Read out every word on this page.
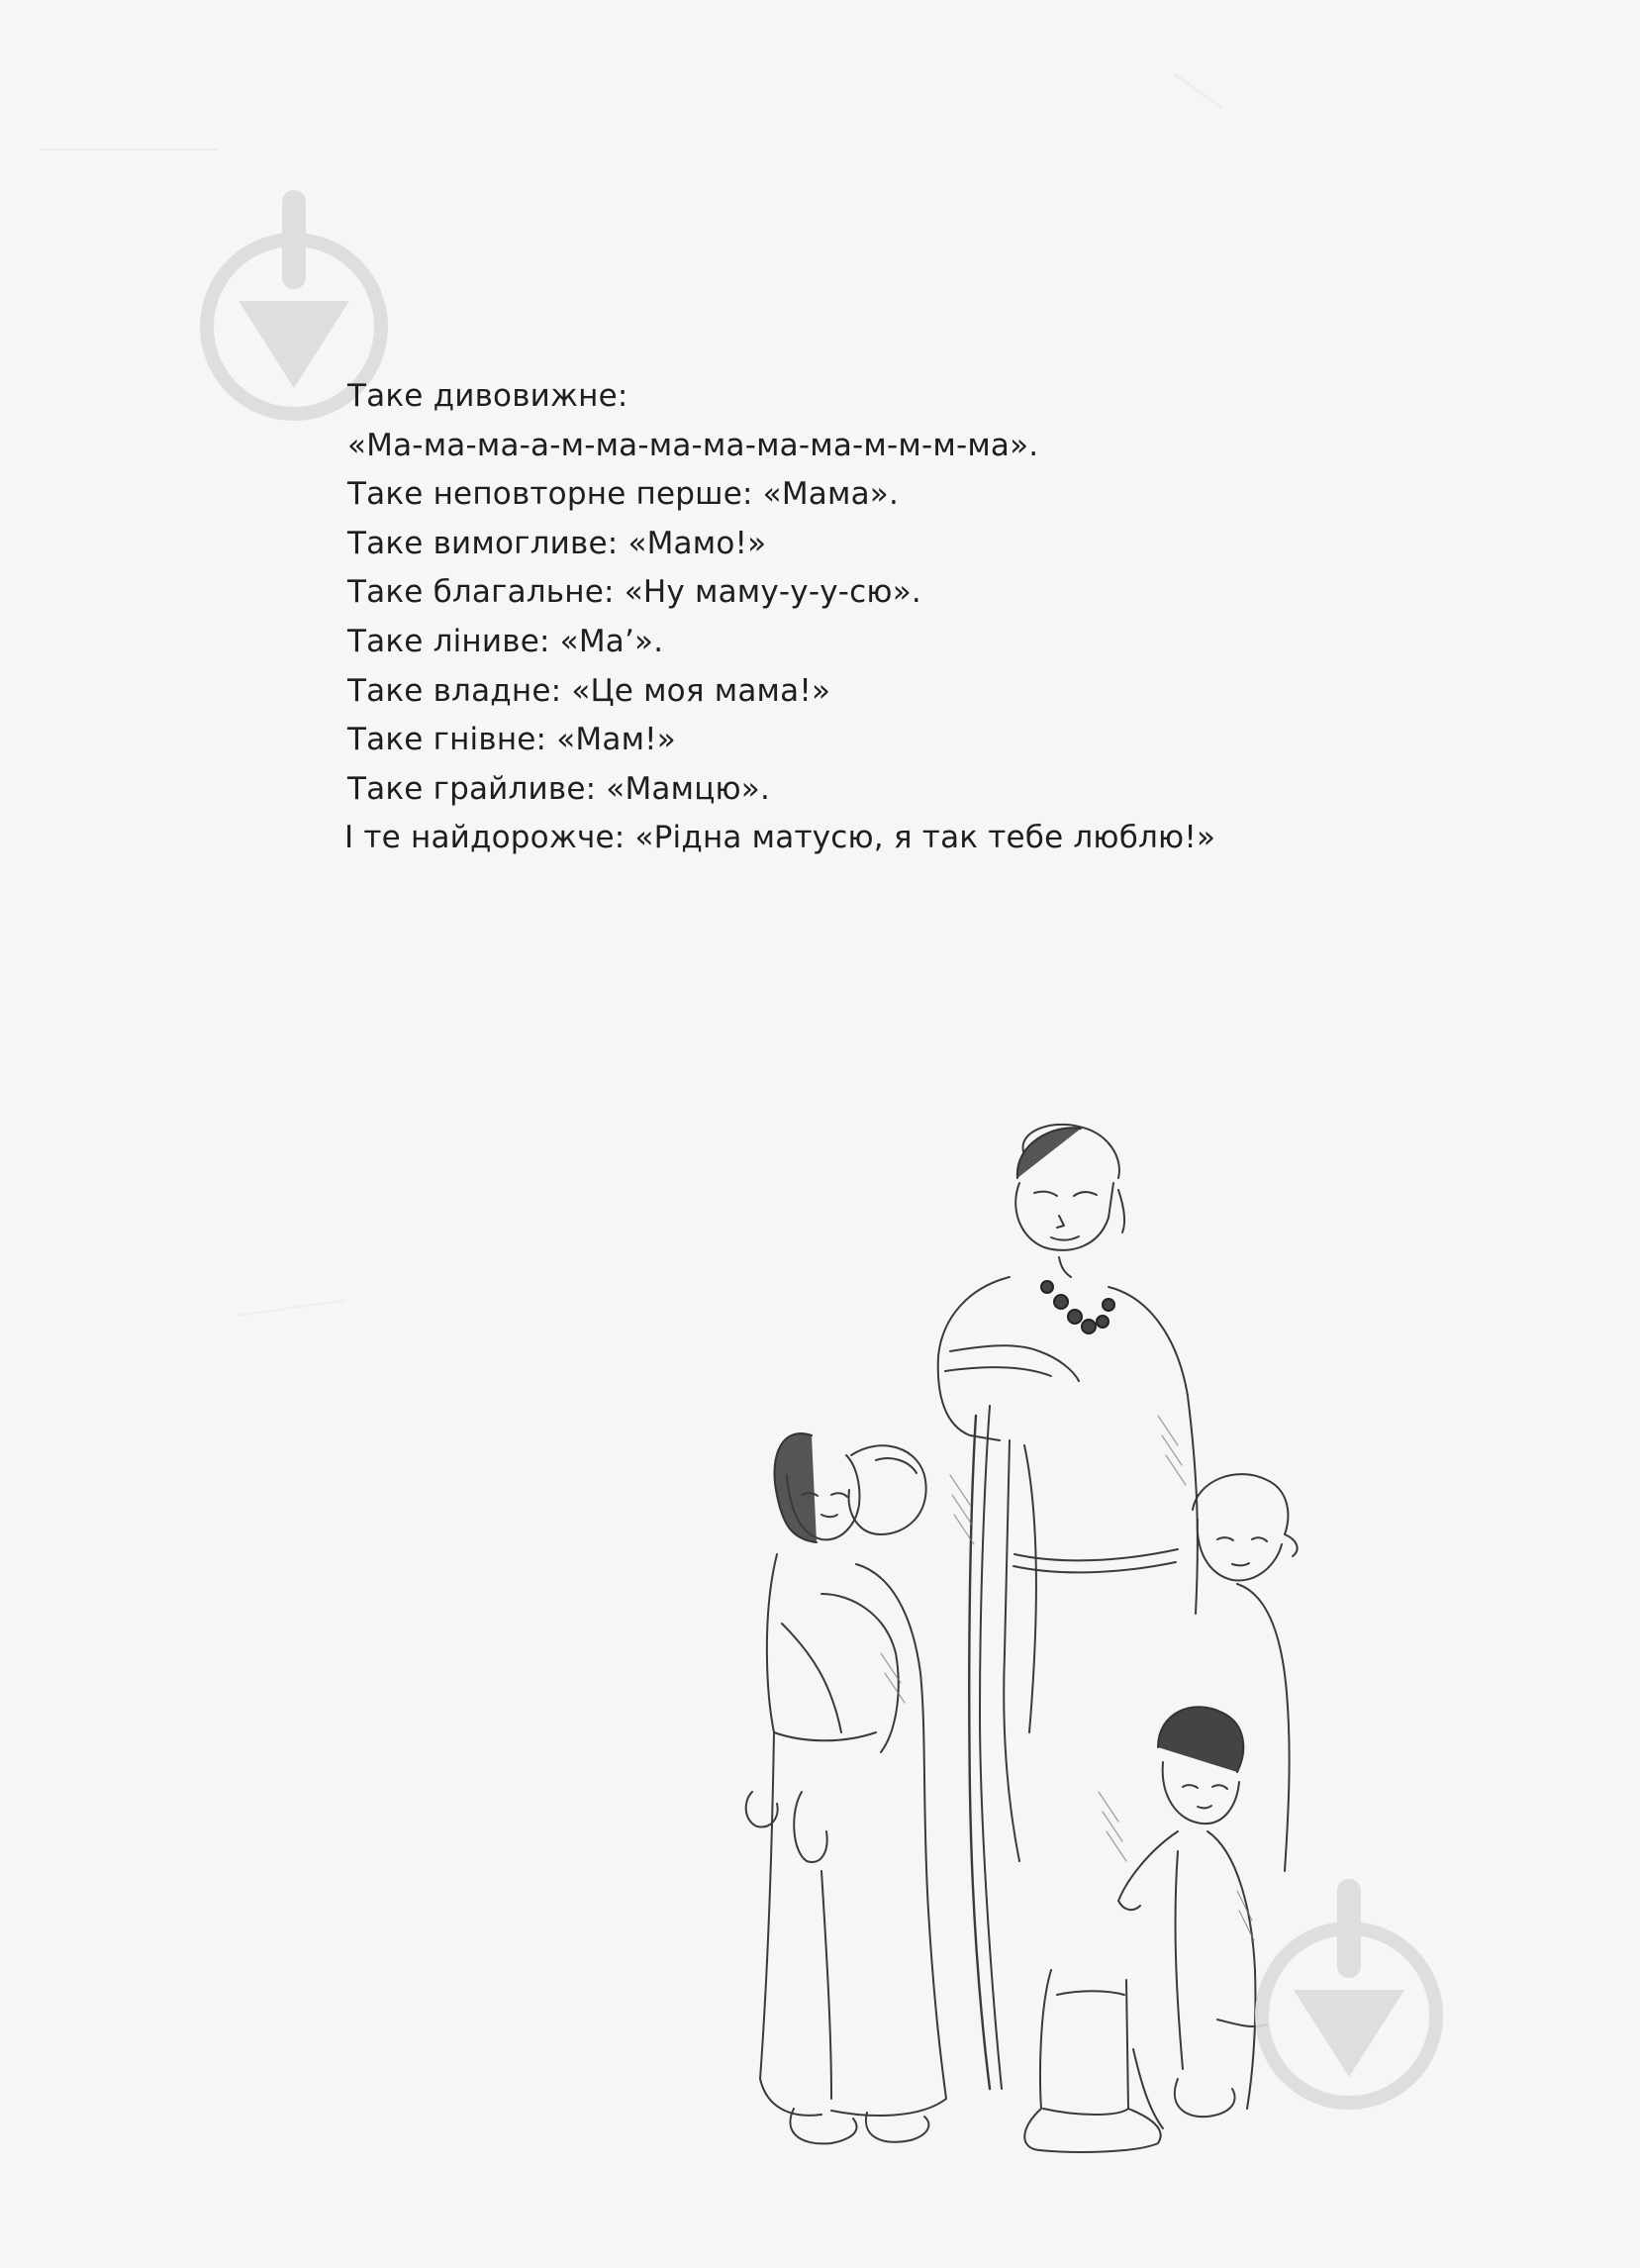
Таке дивовижне:
«Ма-ма-ма-а-м-ма-ма-ма-ма-ма-м-м-м-ма».
Таке неповторне перше: «Мама».
Таке вимогливе: «Мамо!»
Таке благальне: «Ну маму-у-у-сю».
Таке ліниве: «Ма’».
Таке владне: «Це моя мама!»
Таке гнівне: «Мам!»
Таке грайливе: «Мамцю».
І те найдорожче: «Рідна матусю, я так тебе люблю!»
